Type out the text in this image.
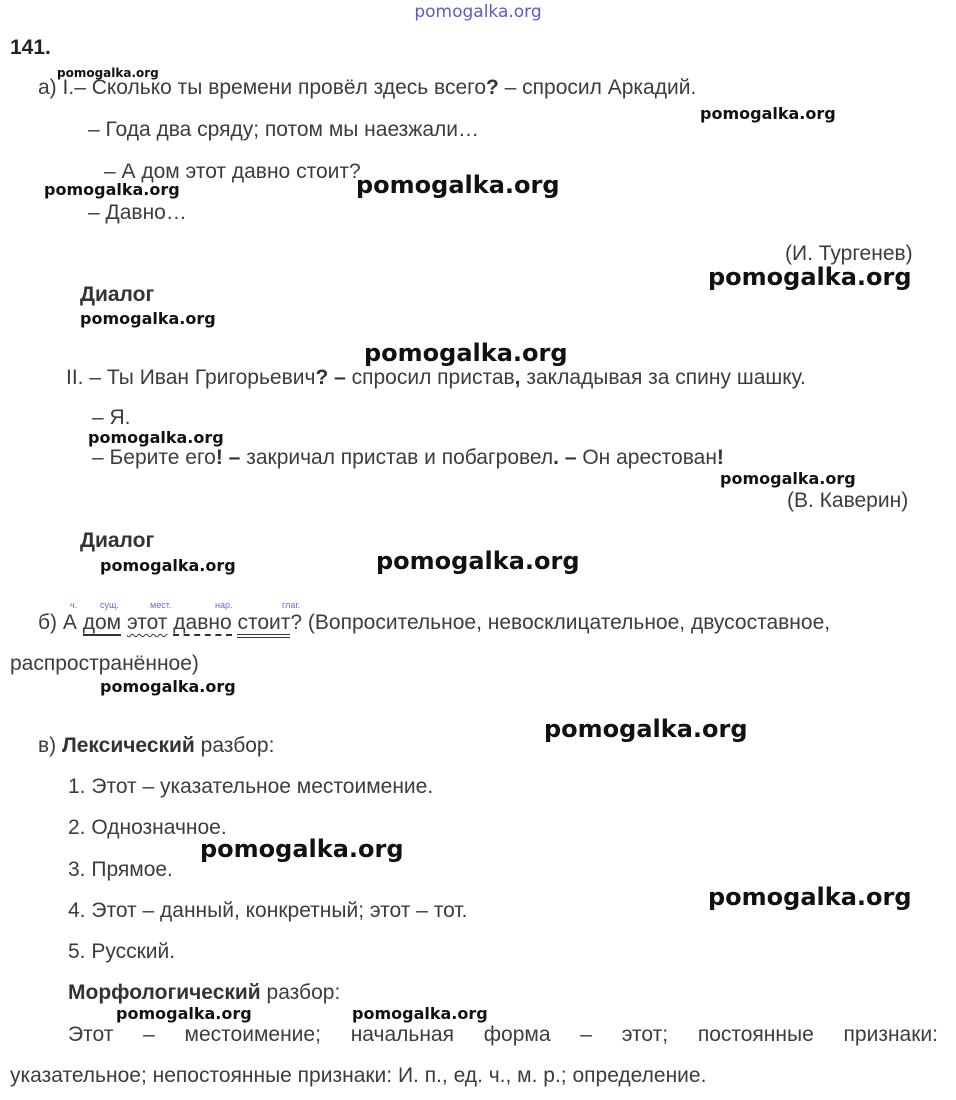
pomogalka.org
141.
а) I.– Сколько ты времени провёл здесь всего? – спросил Аркадий.
– Года два сряду; потом мы наезжали…
– А дом этот давно стоит?
– Давно…
(И. Тургенев)
Диалог
II. – Ты Иван Григорьевич? – спросил пристав, закладывая за спину шашку.
– Я.
– Берите его! – закричал пристав и побагровел. – Он арестован!
(В. Каверин)
Диалог
ч.	сущ.	мест.	нар.	глаг.
б) А дом этот давно стоит? (Вопросительное, невосклицательное, двусоставное,
распространённое)
в) Лексический разбор:
1. Этот – указательное местоимение.
2. Однозначное.
3. Прямое.
4. Этот – данный, конкретный; этот – тот.
5. Русский.
Морфологический разбор:
Этот – местоимение; начальная форма – этот; постоянные признаки:
указательное; непостоянные признаки: И. п., ед. ч., м. р.; определение.
pomogalka.org
pomogalka.org
pomogalka.org	pomogalka.org
pomogalka.org
pomogalka.org
pomogalka.org
pomogalka.org
pomogalka.org
pomogalka.org	pomogalka.org
pomogalka.org
pomogalka.org
pomogalka.org
pomogalka.org
pomogalka.org	pomogalka.org
